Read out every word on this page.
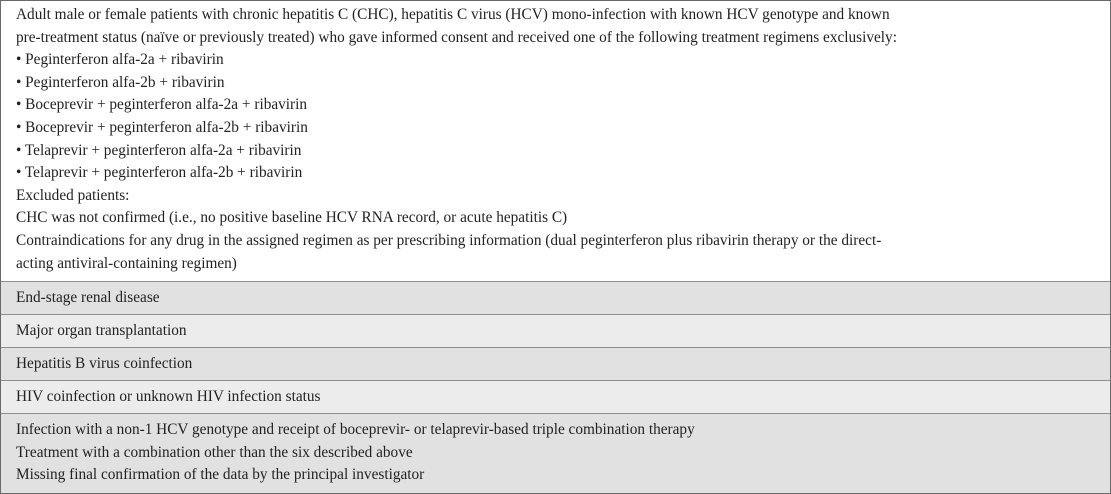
Adult male or female patients with chronic hepatitis C (CHC), hepatitis C virus (HCV) mono-infection with known HCV genotype and known
pre-treatment status (naïve or previously treated) who gave informed consent and received one of the following treatment regimens exclusively:
• Peginterferon alfa-2a + ribavirin
• Peginterferon alfa-2b + ribavirin
• Boceprevir + peginterferon alfa-2a + ribavirin
• Boceprevir + peginterferon alfa-2b + ribavirin
• Telaprevir + peginterferon alfa-2a + ribavirin
• Telaprevir + peginterferon alfa-2b + ribavirin
Excluded patients:
CHC was not confirmed (i.e., no positive baseline HCV RNA record, or acute hepatitis C)
Contraindications for any drug in the assigned regimen as per prescribing information (dual peginterferon plus ribavirin therapy or the direct-
acting antiviral-containing regimen)
End-stage renal disease
Major organ transplantation
Hepatitis B virus coinfection
HIV coinfection or unknown HIV infection status
Infection with a non-1 HCV genotype and receipt of boceprevir- or telaprevir-based triple combination therapy
Treatment with a combination other than the six described above
Missing final confirmation of the data by the principal investigator
